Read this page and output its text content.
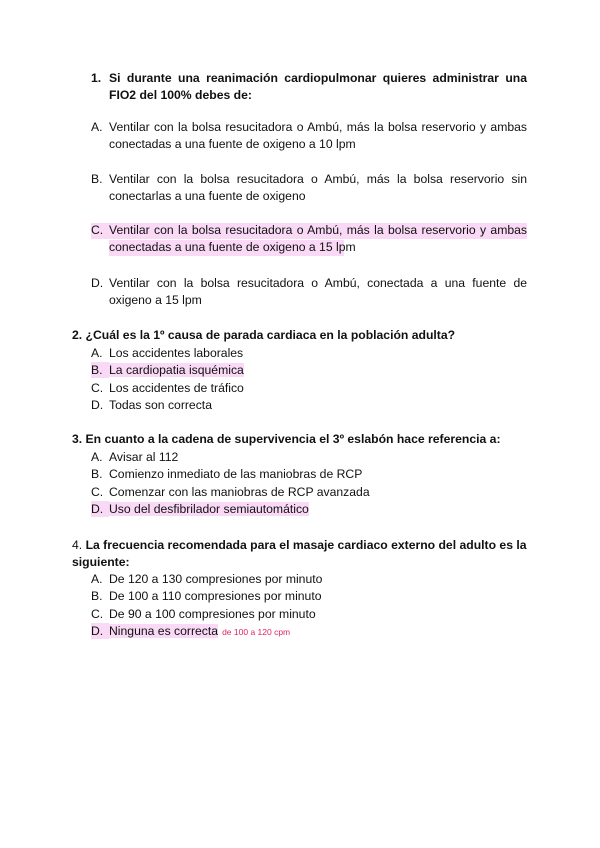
1. Si durante una reanimación cardiopulmonar quieres administrar una FIO2 del 100% debes de:
A. Ventilar con la bolsa resucitadora o Ambú, más la bolsa reservorio y ambas conectadas a una fuente de oxigeno a 10 lpm
B. Ventilar con la bolsa resucitadora o Ambú, más la bolsa reservorio sin conectarlas a una fuente de oxigeno
C. Ventilar con la bolsa resucitadora o Ambú, más la bolsa reservorio y ambas conectadas a una fuente de oxigeno a 15 lpm
D. Ventilar con la bolsa resucitadora o Ambú, conectada a una fuente de oxigeno a 15 lpm
2. ¿Cuál es la 1º causa de parada cardiaca en la población adulta?
A. Los accidentes laborales
B. La cardiopatia isquémica
C. Los accidentes de tráfico
D. Todas son correcta
3. En cuanto a la cadena de supervivencia el 3º eslabón hace referencia a:
A. Avisar al 112
B. Comienzo inmediato de las maniobras de RCP
C. Comenzar con las maniobras de RCP avanzada
D. Uso del desfibrilador semiautomático
4. La frecuencia recomendada para el masaje cardiaco externo del adulto es la siguiente:
A. De 120 a 130 compresiones por minuto
B. De 100 a 110 compresiones por minuto
C. De 90 a 100 compresiones por minuto
D. Ninguna es correcta de 100 a 120 cpm
